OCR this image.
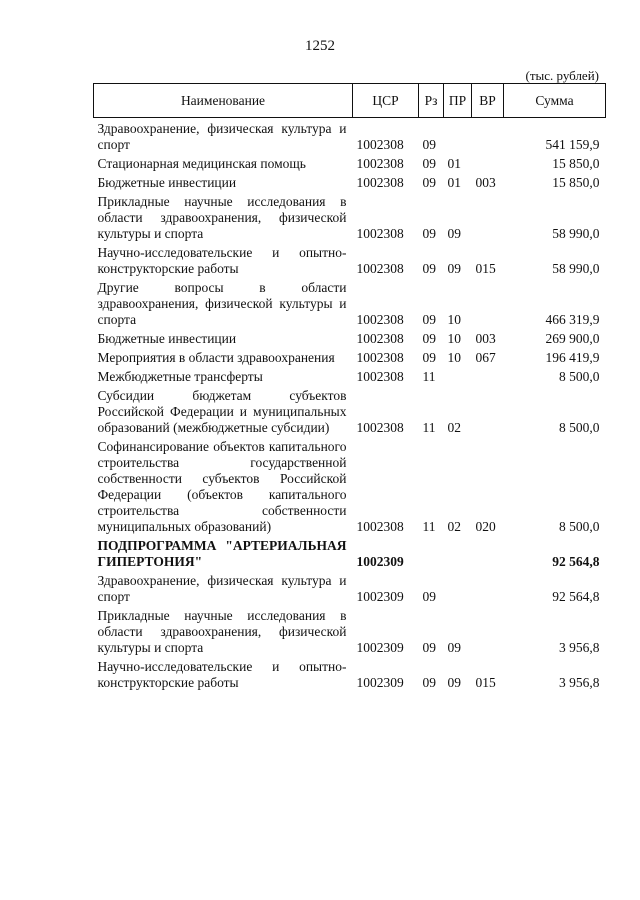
1252
(тыс. рублей)
Наименование	ЦСР	Рз	ПР	ВР	Сумма
Здравоохранение, физическая культура и спорт	1002308	09			541 159,9
Стационарная медицинская помощь	1002308	09	01		15 850,0
Бюджетные инвестиции	1002308	09	01	003	15 850,0
Прикладные научные исследования в области здравоохранения, физической культуры и спорта	1002308	09	09		58 990,0
Научно-исследовательские и опытно-конструкторские работы	1002308	09	09	015	58 990,0
Другие вопросы в области здравоохранения, физической культуры и спорта	1002308	09	10		466 319,9
Бюджетные инвестиции	1002308	09	10	003	269 900,0
Мероприятия в области здравоохранения	1002308	09	10	067	196 419,9
Межбюджетные трансферты	1002308	11			8 500,0
Субсидии бюджетам субъектов Российской Федерации и муниципальных образований (межбюджетные субсидии)	1002308	11	02		8 500,0
Софинансирование объектов капитального строительства государственной собственности субъектов Российской Федерации (объектов капитального строительства собственности муниципальных образований)	1002308	11	02	020	8 500,0
ПОДПРОГРАММА "АРТЕРИАЛЬНАЯ ГИПЕРТОНИЯ"	1002309				92 564,8
Здравоохранение, физическая культура и спорт	1002309	09			92 564,8
Прикладные научные исследования в области здравоохранения, физической культуры и спорта	1002309	09	09		3 956,8
Научно-исследовательские и опытно-конструкторские работы	1002309	09	09	015	3 956,8
